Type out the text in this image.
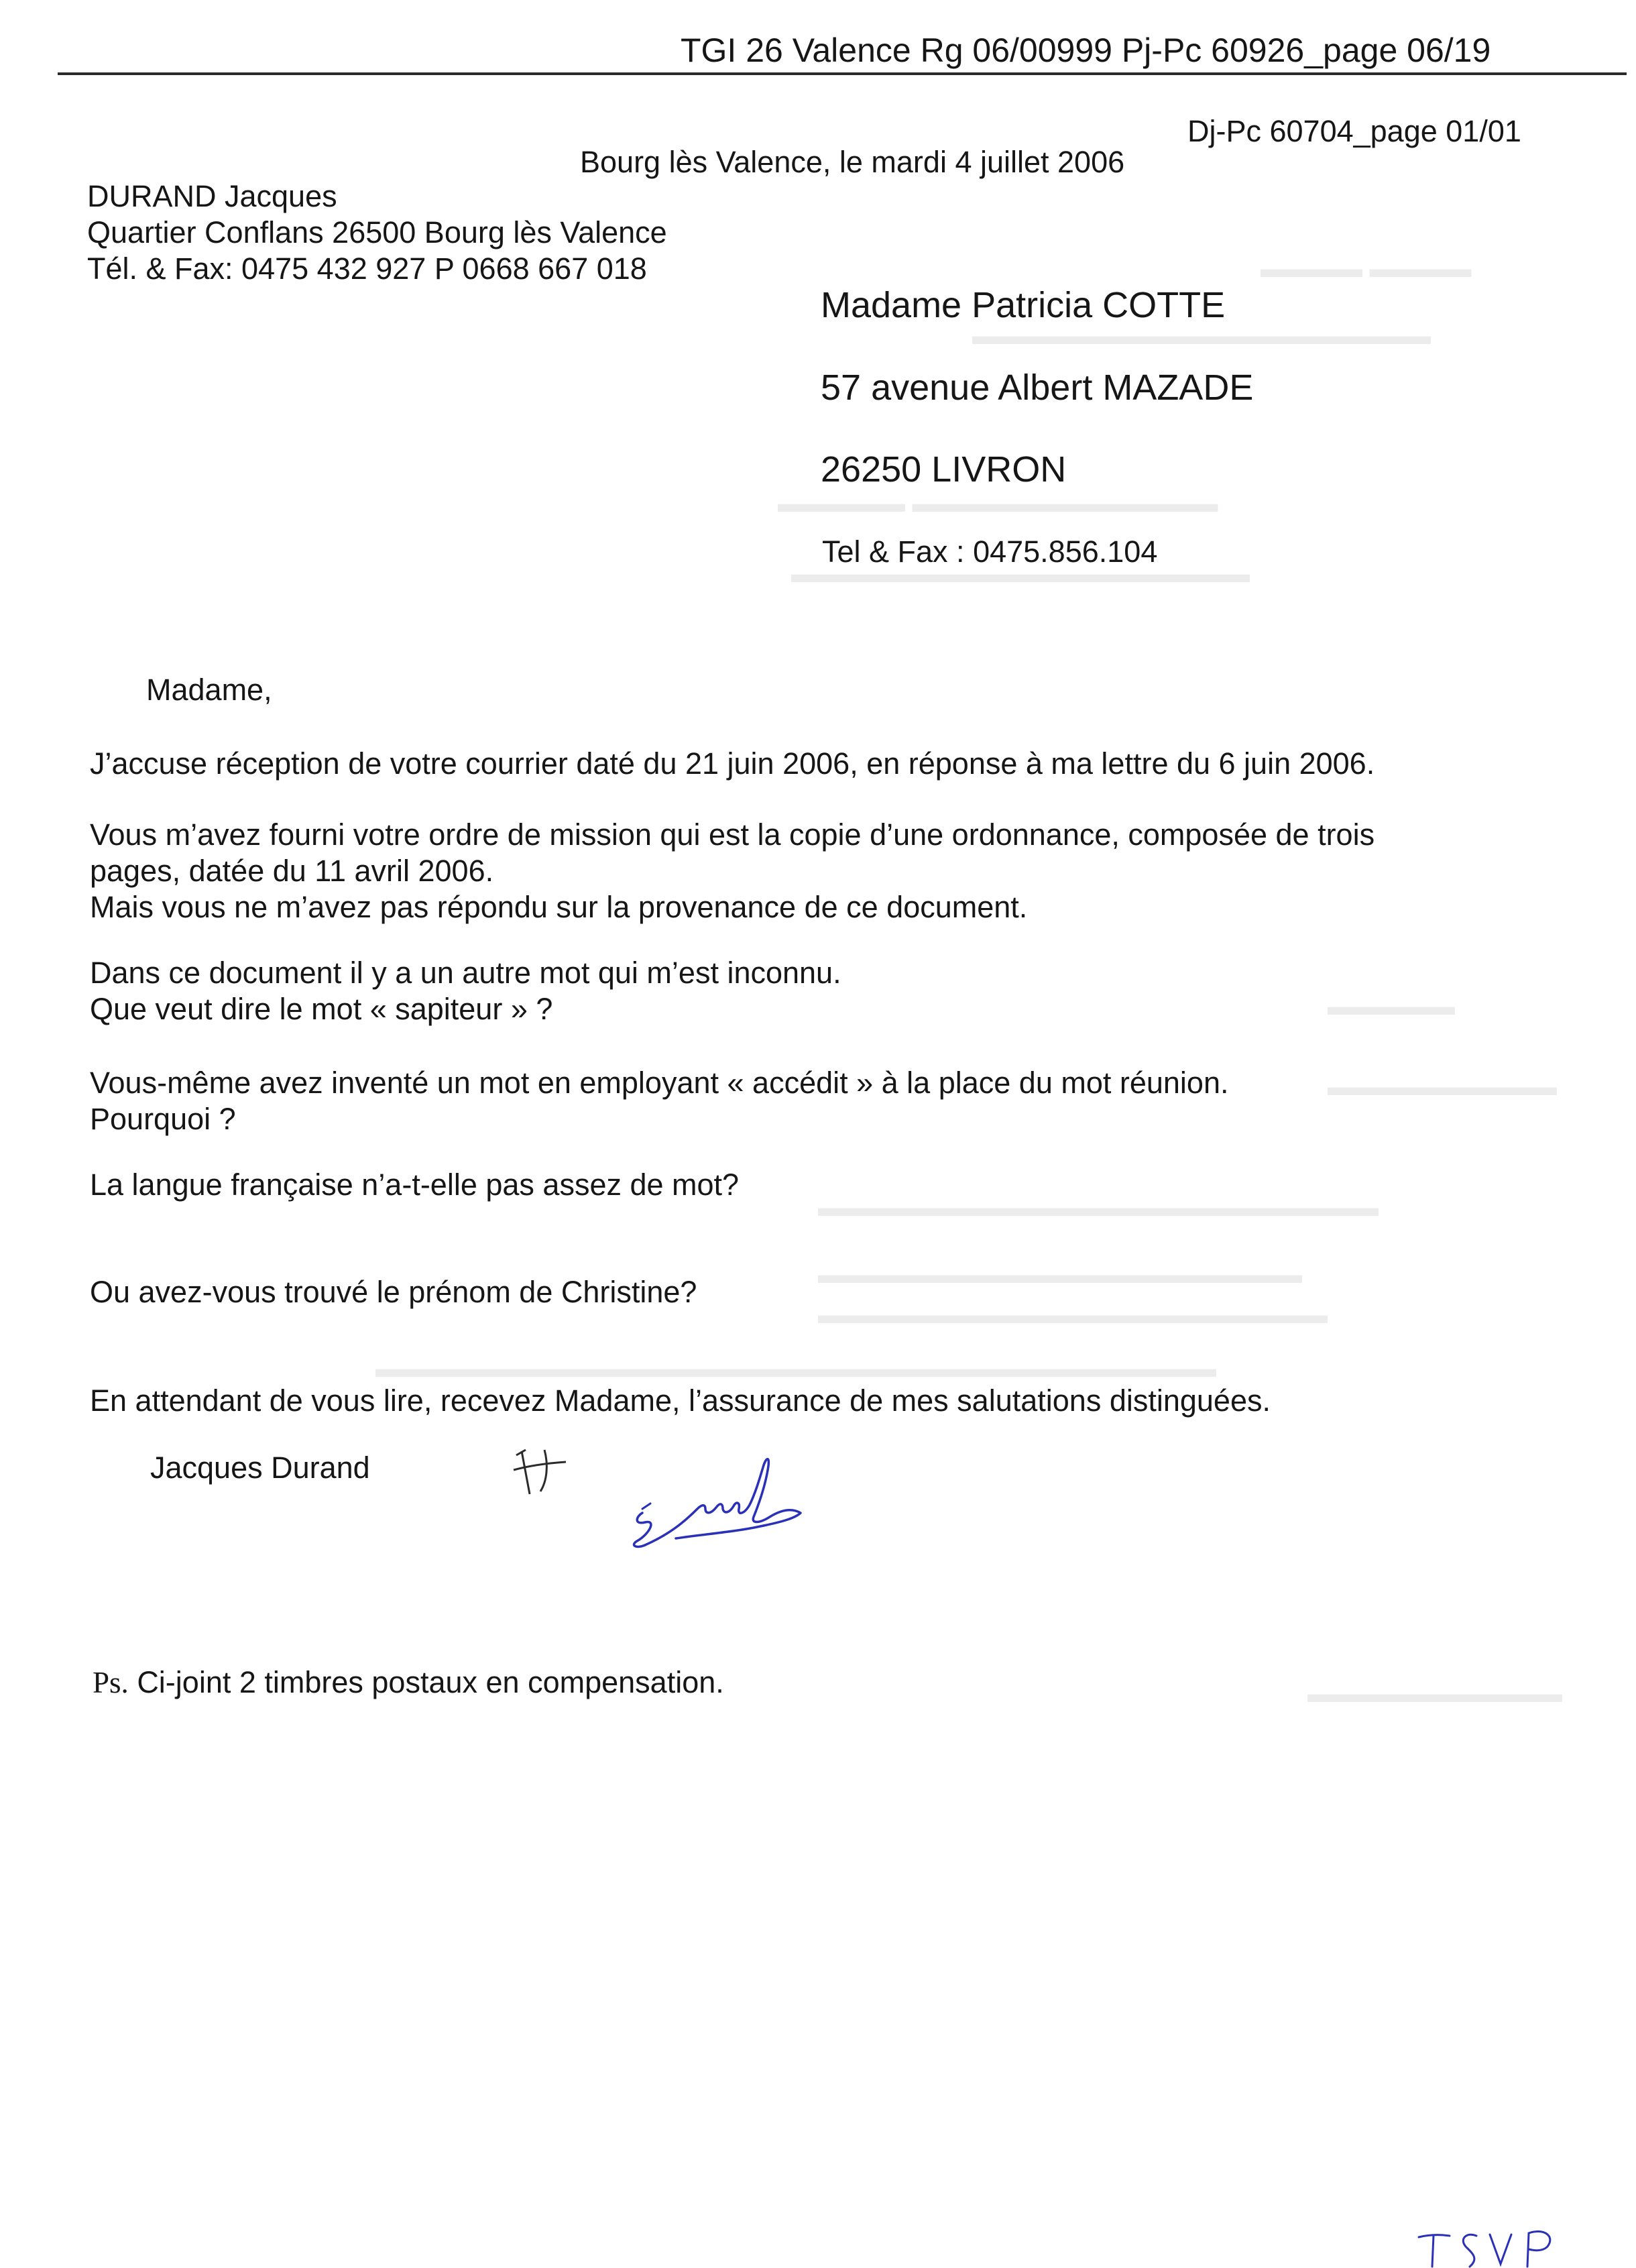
▬▬▬▬ ▬▬▬▬
▬▬▬▬▬▬▬▬▬▬▬▬▬▬▬▬▬▬
▬▬▬▬▬ ▬▬▬▬▬▬▬▬▬▬▬▬
▬▬▬▬▬▬▬▬▬▬▬▬▬▬▬▬▬▬
▬▬▬▬▬
▬▬▬▬▬▬▬▬▬
▬▬▬▬▬▬▬▬▬▬▬▬▬▬▬▬▬▬▬▬▬▬
▬▬▬▬▬▬▬▬▬▬▬▬▬▬▬▬▬▬▬
▬▬▬▬▬▬▬▬▬▬▬▬▬▬▬▬▬▬▬▬
▬▬▬▬▬▬▬▬▬▬▬▬▬▬▬▬▬▬▬▬▬▬▬▬▬▬▬▬▬▬▬▬▬
▬▬▬▬▬▬▬▬▬▬
TGI 26 Valence Rg 06/00999 Pj-Pc 60926_page 06/19
Dj-Pc 60704_page 01/01
Bourg lès Valence, le mardi 4 juillet 2006
DURAND Jacques
Quartier Conflans 26500 Bourg lès Valence
Tél. & Fax: 0475 432 927 P 0668 667 018
Madame Patricia COTTE
57 avenue Albert MAZADE
26250 LIVRON
Tel & Fax : 0475.856.104
Madame,
J’accuse réception de votre courrier daté du 21 juin 2006, en réponse à ma lettre du 6 juin 2006.
Vous m’avez fourni votre ordre de mission qui est la copie d’une ordonnance, composée de trois
pages, datée du 11 avril 2006.
Mais vous ne m’avez pas répondu sur la provenance de ce document.
Dans ce document il y a un autre mot qui m’est inconnu.
Que veut dire le mot « sapiteur » ?
Vous-même avez inventé un mot en employant « accédit » à la place du mot réunion.
Pourquoi ?
La langue française n’a-t-elle pas assez de mot?
Ou avez-vous trouvé le prénom de Christine?
En attendant de vous lire, recevez Madame, l’assurance de mes salutations distinguées.
Jacques Durand
Ps. Ci-joint 2 timbres postaux en compensation.
